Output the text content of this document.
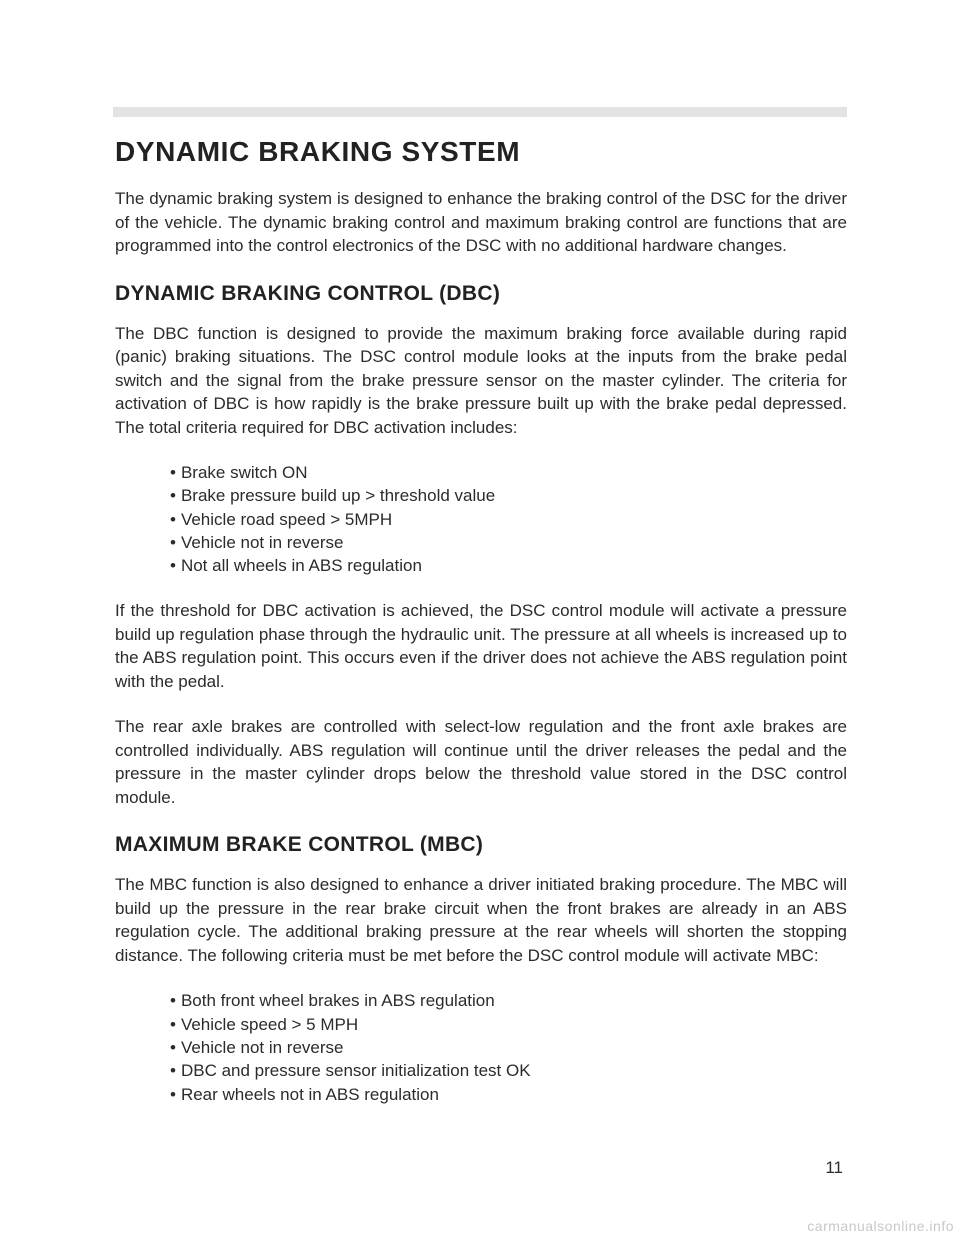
DYNAMIC BRAKING SYSTEM

The dynamic braking system is designed to enhance the braking control of the DSC for the driver of the vehicle. The dynamic braking control and maximum braking control are functions that are programmed into the control electronics of the DSC with no additional hardware changes.

DYNAMIC BRAKING CONTROL (DBC)

The DBC function is designed to provide the maximum braking force available during rapid (panic) braking situations. The DSC control module looks at the inputs from the brake pedal switch and the signal from the brake pressure sensor on the master cylinder. The criteria for activation of DBC is how rapidly is the brake pressure built up with the brake pedal depressed. The total criteria required for DBC activation includes:

• Brake switch ON
• Brake pressure build up > threshold value
• Vehicle road speed > 5MPH
• Vehicle not in reverse
• Not all wheels in ABS regulation

If the threshold for DBC activation is achieved, the DSC control module will activate a pressure build up regulation phase through the hydraulic unit. The pressure at all wheels is increased up to the ABS regulation point. This occurs even if the driver does not achieve the ABS regulation point with the pedal.

The rear axle brakes are controlled with select-low regulation and the front axle brakes are controlled individually. ABS regulation will continue until the driver releases the pedal and the pressure in the master cylinder drops below the threshold value stored in the DSC control module.

MAXIMUM BRAKE CONTROL (MBC)

The MBC function is also designed to enhance a driver initiated braking procedure. The MBC will build up the pressure in the rear brake circuit when the front brakes are already in an ABS regulation cycle. The additional braking pressure at the rear wheels will shorten the stopping distance. The following criteria must be met before the DSC control module will activate MBC:

• Both front wheel brakes in ABS regulation
• Vehicle speed > 5 MPH
• Vehicle not in reverse
• DBC and pressure sensor initialization test OK
• Rear wheels not in ABS regulation
11
carmanualsonline.info
